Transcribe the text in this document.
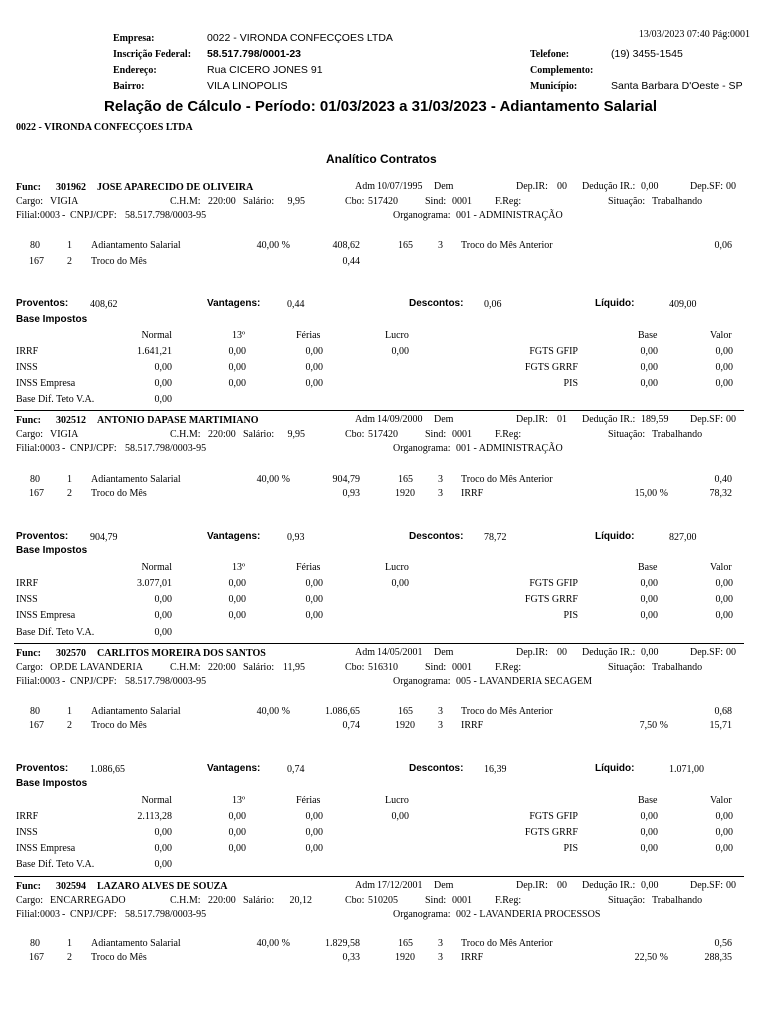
Empresa:	0022 - VIRONDA CONFECÇOES LTDA
Inscrição Federal: 58.517.798/0001-23
Endereço:	Rua CICERO JONES 91
Bairro:	VILA LINOPOLIS
13/03/2023 07:40 Pág:0001
Telefone:	(19) 3455-1545
Complemento:
Município:	Santa Barbara D'Oeste - SP
Relação de Cálculo - Período: 01/03/2023 a 31/03/2023 - Adiantamento Salarial
0022 - VIRONDA CONFECÇOES LTDA
Analítico Contratos
Func: 301962 JOSE APARECIDO DE OLIVEIRA	Adm 10/07/1995 Dem	Dep.IR: 00 Dedução IR.: 0,00	Dep.SF: 00
Cargo: VIGIA	C.H.M: 220:00 Salário:	9,95	Cbo: 517420	Sind: 0001 F.Reg:	Situação: Trabalhando
Filial: 0003 - CNPJ/CPF: 58.517.798/0003-95	Organograma: 001 - ADMINISTRAÇÃO
80	1 Adiantamento Salarial	40,00 %	408,62	165	3 Troco do Mês Anterior	0,06
167 2 Troco do Mês	0,44
Proventos: 408,62	Vantagens:	0,44	Descontos: 0,06	Líquido:	409,00
Base Impostos
Normal	13º	Férias	Lucro	Base	Valor
IRRF	1.641,21	0,00	0,00	0,00	FGTS GFIP	0,00	0,00
INSS	0,00	0,00	0,00	FGTS GRRF	0,00	0,00
INSS Empresa	0,00	0,00	0,00	PIS	0,00	0,00
Base Dif. Teto V.A.	0,00
Func: 302512 ANTONIO DAPASE MARTIMIANO	Adm 14/09/2000 Dem	Dep.IR: 01 Dedução IR.: 189,59 Dep.SF: 00
Cargo: VIGIA	C.H.M: 220:00 Salário:	9,95	Cbo: 517420	Sind: 0001 F.Reg:	Situação: Trabalhando
Filial: 0003 - CNPJ/CPF: 58.517.798/0003-95	Organograma: 001 - ADMINISTRAÇÃO
80	1 Adiantamento Salarial	40,00 %	904,79	165	3 Troco do Mês Anterior	0,40
167 2 Troco do Mês	0,93	1920 3 IRRF	15,00 %	78,32
Proventos: 904,79	Vantagens:	0,93	Descontos: 78,72	Líquido:	827,00
Base Impostos
Normal	13º	Férias	Lucro	Base	Valor
IRRF	3.077,01	0,00	0,00	0,00	FGTS GFIP	0,00	0,00
INSS	0,00	0,00	0,00	FGTS GRRF	0,00	0,00
INSS Empresa	0,00	0,00	0,00	PIS	0,00	0,00
Base Dif. Teto V.A.	0,00
Func: 302570 CARLITOS MOREIRA DOS SANTOS	Adm 14/05/2001 Dem	Dep.IR: 00 Dedução IR.: 0,00	Dep.SF: 00
Cargo: OP.DE LAVANDERIA	C.H.M: 220:00 Salário: 11,95	Cbo: 516310	Sind: 0001 F.Reg:	Situação: Trabalhando
Filial: 0003 - CNPJ/CPF: 58.517.798/0003-95	Organograma: 005 - LAVANDERIA SECAGEM
80	1 Adiantamento Salarial	40,00 %	1.086,65	165	3 Troco do Mês Anterior	0,68
167 2 Troco do Mês	0,74	1920 3 IRRF	7,50 %	15,71
Proventos: 1.086,65	Vantagens:	0,74	Descontos: 16,39	Líquido:	1.071,00
Base Impostos
Normal	13º	Férias	Lucro	Base	Valor
IRRF	2.113,28	0,00	0,00	0,00	FGTS GFIP	0,00	0,00
INSS	0,00	0,00	0,00	FGTS GRRF	0,00	0,00
INSS Empresa	0,00	0,00	0,00	PIS	0,00	0,00
Base Dif. Teto V.A.	0,00
Func: 302594 LAZARO ALVES DE SOUZA	Adm 17/12/2001 Dem	Dep.IR: 00 Dedução IR.: 0,00	Dep.SF: 00
Cargo: ENCARREGADO	C.H.M: 220:00 Salário:	20,12	Cbo: 510205	Sind: 0001 F.Reg:	Situação: Trabalhando
Filial: 0003 - CNPJ/CPF: 58.517.798/0003-95	Organograma: 002 - LAVANDERIA PROCESSOS
80	1 Adiantamento Salarial	40,00 %	1.829,58	165	3 Troco do Mês Anterior	0,56
167 2 Troco do Mês	0,33	1920 3 IRRF	22,50 %	288,35
